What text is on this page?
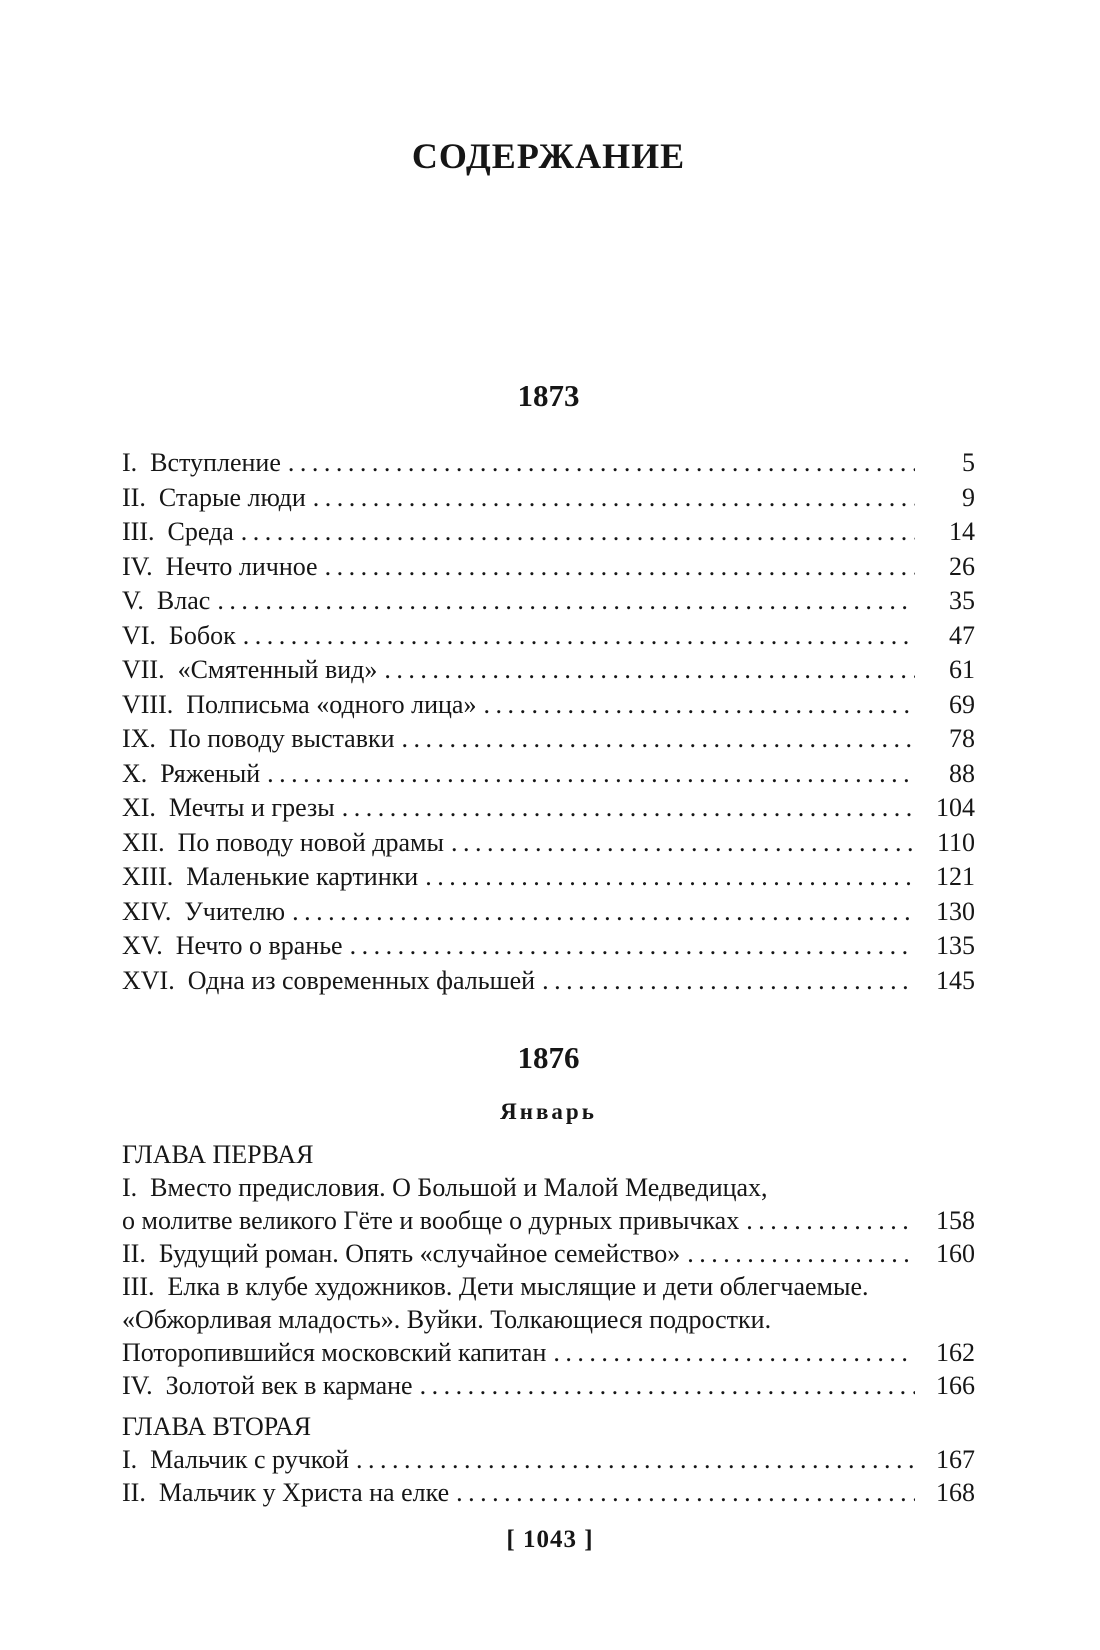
СОДЕРЖАНИЕ
1873
I. Вступление .....	5
II. Старые люди .....	9
III. Среда .....	14
IV. Нечто личное .....	26
V. Влас .....	35
VI. Бобок .....	47
VII. «Смятенный вид» .....	61
VIII. Полписьма «одного лица» .....	69
IX. По поводу выставки .....	78
X. Ряженый .....	88
XI. Мечты и грезы .....	104
XII. По поводу новой драмы .....	110
XIII. Маленькие картинки .....	121
XIV. Учителю .....	130
XV. Нечто о вранье .....	135
XVI. Одна из современных фальшей .....	145
1876
Январь
ГЛАВА ПЕРВАЯ
I. Вместо предисловия. О Большой и Малой Медведицах,
о молитве великого Гёте и вообще о дурных привычках .....	158
II. Будущий роман. Опять «случайное семейство» .....	160
III. Елка в клубе художников. Дети мыслящие и дети облегчаемые.
«Обжорливая младость». Вуйки. Толкающиеся подростки.
Поторопившийся московский капитан .....	162
IV. Золотой век в кармане .....	166
ГЛАВА ВТОРАЯ
I. Мальчик с ручкой .....	167
II. Мальчик у Христа на елке .....	168
[ 1043 ]
